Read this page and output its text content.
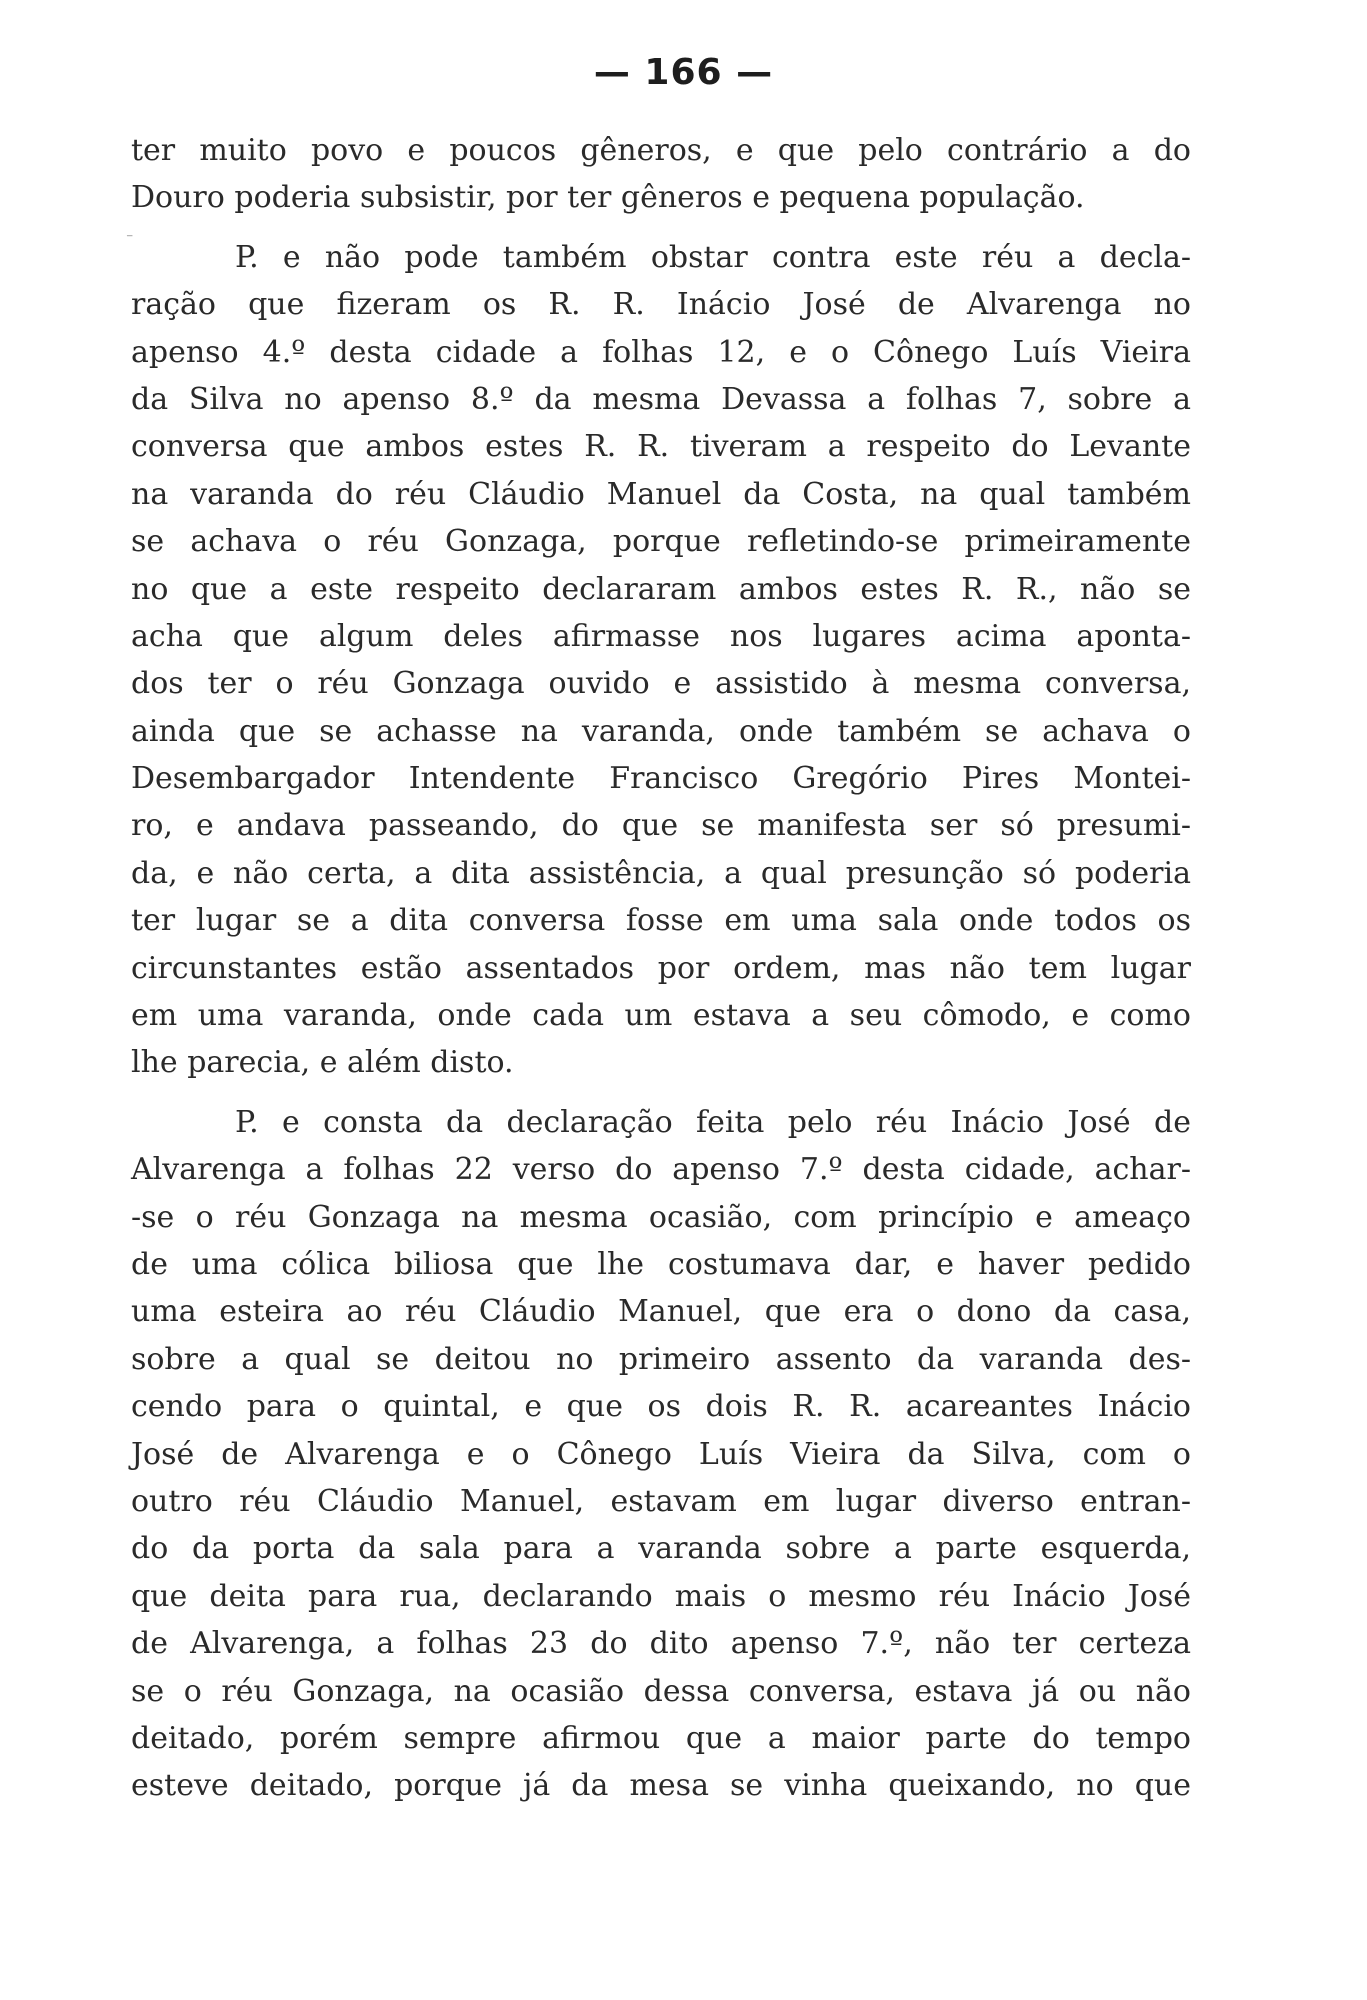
— 166 —
⁻
ter muito povo e poucos gêneros, e que pelo contrário a do
Douro poderia subsistir, por ter gêneros e pequena população.
P. e não pode também obstar contra este réu a decla-
ração que fizeram os R. R. Inácio José de Alvarenga no
apenso 4.º desta cidade a folhas 12, e o Cônego Luís Vieira
da Silva no apenso 8.º da mesma Devassa a folhas 7, sobre a
conversa que ambos estes R. R. tiveram a respeito do Levante
na varanda do réu Cláudio Manuel da Costa, na qual também
se achava o réu Gonzaga, porque refletindo-se primeiramente
no que a este respeito declararam ambos estes R. R., não se
acha que algum deles afirmasse nos lugares acima aponta-
dos ter o réu Gonzaga ouvido e assistido à mesma conversa,
ainda que se achasse na varanda, onde também se achava o
Desembargador Intendente Francisco Gregório Pires Montei-
ro, e andava passeando, do que se manifesta ser só presumi-
da, e não certa, a dita assistência, a qual presunção só poderia
ter lugar se a dita conversa fosse em uma sala onde todos os
circunstantes estão assentados por ordem, mas não tem lugar
em uma varanda, onde cada um estava a seu cômodo, e como
lhe parecia, e além disto.
P. e consta da declaração feita pelo réu Inácio José de
Alvarenga a folhas 22 verso do apenso 7.º desta cidade, achar-
-se o réu Gonzaga na mesma ocasião, com princípio e ameaço
de uma cólica biliosa que lhe costumava dar, e haver pedido
uma esteira ao réu Cláudio Manuel, que era o dono da casa,
sobre a qual se deitou no primeiro assento da varanda des-
cendo para o quintal, e que os dois R. R. acareantes Inácio
José de Alvarenga e o Cônego Luís Vieira da Silva, com o
outro réu Cláudio Manuel, estavam em lugar diverso entran-
do da porta da sala para a varanda sobre a parte esquerda,
que deita para rua, declarando mais o mesmo réu Inácio José
de Alvarenga, a folhas 23 do dito apenso 7.º, não ter certeza
se o réu Gonzaga, na ocasião dessa conversa, estava já ou não
deitado, porém sempre afirmou que a maior parte do tempo
esteve deitado, porque já da mesa se vinha queixando, no que
